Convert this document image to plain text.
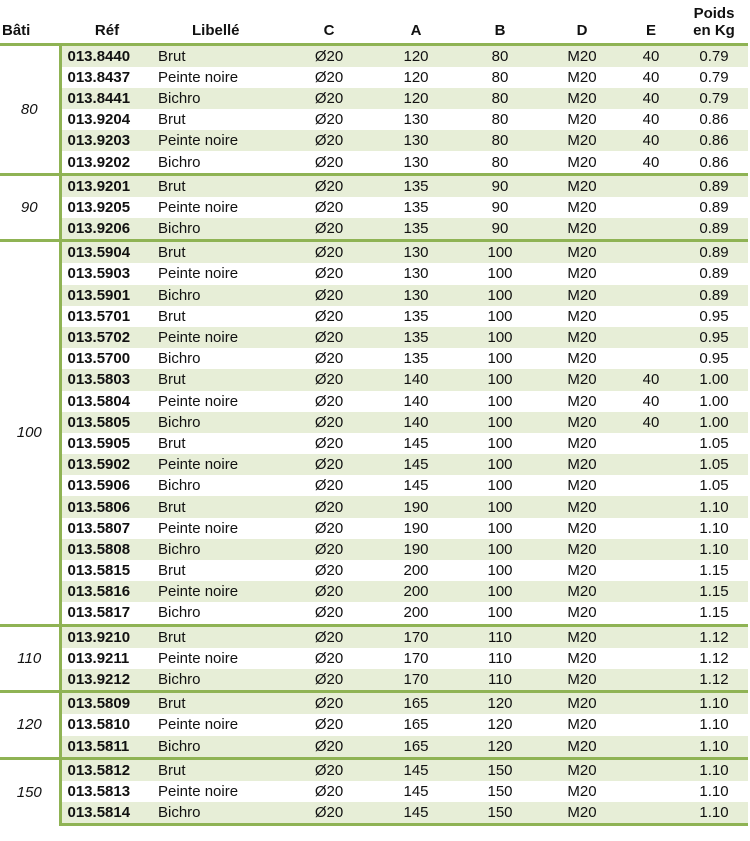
Bâti	Réf	Libellé	C	A	B	D	E	Poids
en Kg
80	013.8440	Brut	Ø20	120	80	M20	40	0.79
	013.8437	Peinte noire	Ø20	120	80	M20	40	0.79
	013.8441	Bichro	Ø20	120	80	M20	40	0.79
	013.9204	Brut	Ø20	130	80	M20	40	0.86
	013.9203	Peinte noire	Ø20	130	80	M20	40	0.86
	013.9202	Bichro	Ø20	130	80	M20	40	0.86
90	013.9201	Brut	Ø20	135	90	M20		0.89
	013.9205	Peinte noire	Ø20	135	90	M20		0.89
	013.9206	Bichro	Ø20	135	90	M20		0.89
100	013.5904	Brut	Ø20	130	100	M20		0.89
	013.5903	Peinte noire	Ø20	130	100	M20		0.89
	013.5901	Bichro	Ø20	130	100	M20		0.89
	013.5701	Brut	Ø20	135	100	M20		0.95
	013.5702	Peinte noire	Ø20	135	100	M20		0.95
	013.5700	Bichro	Ø20	135	100	M20		0.95
	013.5803	Brut	Ø20	140	100	M20	40	1.00
	013.5804	Peinte noire	Ø20	140	100	M20	40	1.00
	013.5805	Bichro	Ø20	140	100	M20	40	1.00
	013.5905	Brut	Ø20	145	100	M20		1.05
	013.5902	Peinte noire	Ø20	145	100	M20		1.05
	013.5906	Bichro	Ø20	145	100	M20		1.05
	013.5806	Brut	Ø20	190	100	M20		1.10
	013.5807	Peinte noire	Ø20	190	100	M20		1.10
	013.5808	Bichro	Ø20	190	100	M20		1.10
	013.5815	Brut	Ø20	200	100	M20		1.15
	013.5816	Peinte noire	Ø20	200	100	M20		1.15
	013.5817	Bichro	Ø20	200	100	M20		1.15
110	013.9210	Brut	Ø20	170	110	M20		1.12
	013.9211	Peinte noire	Ø20	170	110	M20		1.12
	013.9212	Bichro	Ø20	170	110	M20		1.12
120	013.5809	Brut	Ø20	165	120	M20		1.10
	013.5810	Peinte noire	Ø20	165	120	M20		1.10
	013.5811	Bichro	Ø20	165	120	M20		1.10
150	013.5812	Brut	Ø20	145	150	M20		1.10
	013.5813	Peinte noire	Ø20	145	150	M20		1.10
	013.5814	Bichro	Ø20	145	150	M20		1.10
